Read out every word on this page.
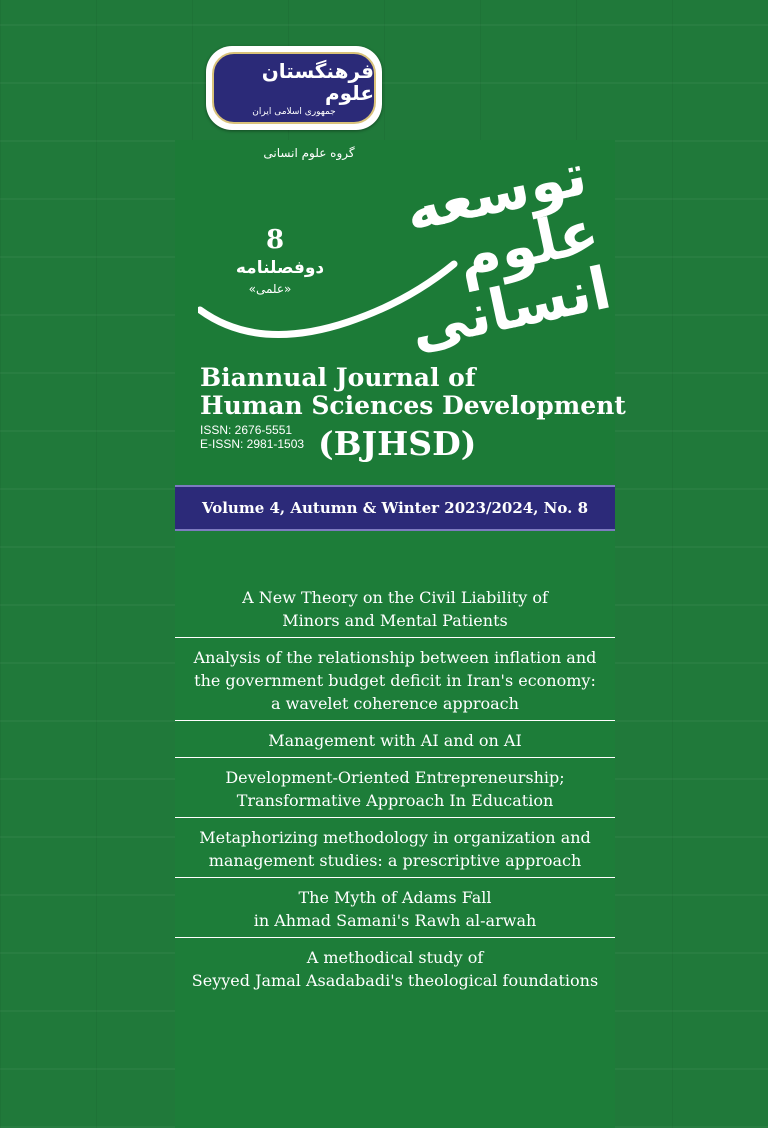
فرهنگستان علوم
جمهوری اسلامی ایران
گروه علوم انسانی توسعه علوم انسانی
8
دوفصلنامه
«علمی»
Biannual Journal of
Human Sciences Development
ISSN: 2676-5551
E-ISSN: 2981-1503 (BJHSD)
Volume 4, Autumn & Winter 2023/2024, No. 8
A New Theory on the Civil Liability of
Minors and Mental Patients
Analysis of the relationship between inflation and
the government budget deficit in Iran's economy:
a wavelet coherence approach
Management with AI and on AI
Development-Oriented Entrepreneurship;
Transformative Approach In Education
Metaphorizing methodology in organization and
management studies: a prescriptive approach
The Myth of Adams Fall
in Ahmad Samani's Rawh al-arwah
A methodical study of
Seyyed Jamal Asadabadi's theological foundations
